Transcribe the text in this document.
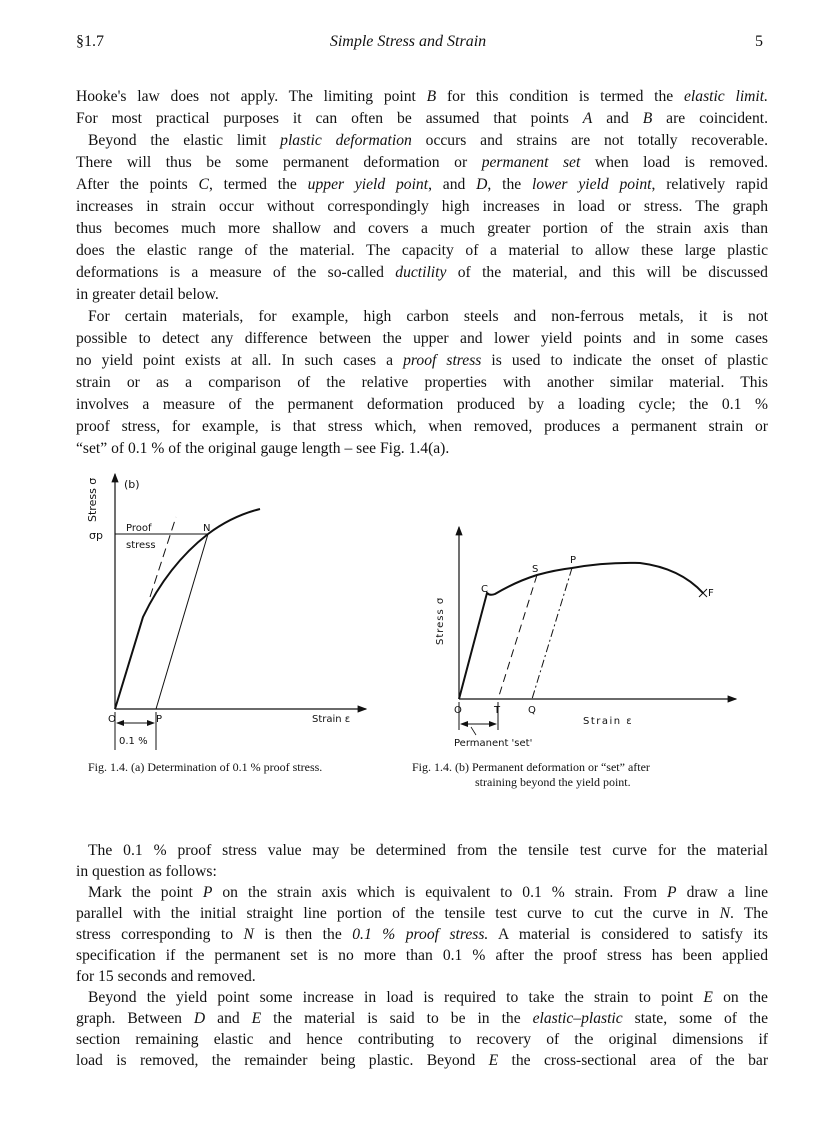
§1.7	Simple Stress and Strain	5
Hooke's law does not apply. The limiting point B for this condition is termed the elastic limit.
For most practical purposes it can often be assumed that points A and B are coincident.
Beyond the elastic limit plastic deformation occurs and strains are not totally recoverable.
There will thus be some permanent deformation or permanent set when load is removed.
After the points C, termed the upper yield point, and D, the lower yield point, relatively rapid
increases in strain occur without correspondingly high increases in load or stress. The graph
thus becomes much more shallow and covers a much greater portion of the strain axis than
does the elastic range of the material. The capacity of a material to allow these large plastic
deformations is a measure of the so-called ductility of the material, and this will be discussed
in greater detail below.
For certain materials, for example, high carbon steels and non-ferrous metals, it is not
possible to detect any difference between the upper and lower yield points and in some cases
no yield point exists at all. In such cases a proof stress is used to indicate the onset of plastic
strain or as a comparison of the relative properties with another similar material. This
involves a measure of the permanent deformation produced by a loading cycle; the 0.1 %
proof stress, for example, is that stress which, when removed, produces a permanent strain or
“set” of 0.1 % of the original gauge length – see Fig. 1.4(a).
(b)
Stress σ
σp
Proof
stress
N
O	P	Strain ε
0.1 %
Stress σ
C
S
P
F
O	T	Q
Strain ε
Permanent 'set'
Fig. 1.4. (a) Determination of 0.1 % proof stress.	Fig. 1.4. (b) Permanent deformation or “set” after
straining beyond the yield point.
The 0.1 % proof stress value may be determined from the tensile test curve for the material
in question as follows:
Mark the point P on the strain axis which is equivalent to 0.1 % strain. From P draw a line
parallel with the initial straight line portion of the tensile test curve to cut the curve in N. The
stress corresponding to N is then the 0.1 % proof stress. A material is considered to satisfy its
specification if the permanent set is no more than 0.1 % after the proof stress has been applied
for 15 seconds and removed.
Beyond the yield point some increase in load is required to take the strain to point E on the
graph. Between D and E the material is said to be in the elastic–plastic state, some of the
section remaining elastic and hence contributing to recovery of the original dimensions if
load is removed, the remainder being plastic. Beyond E the cross-sectional area of the bar
